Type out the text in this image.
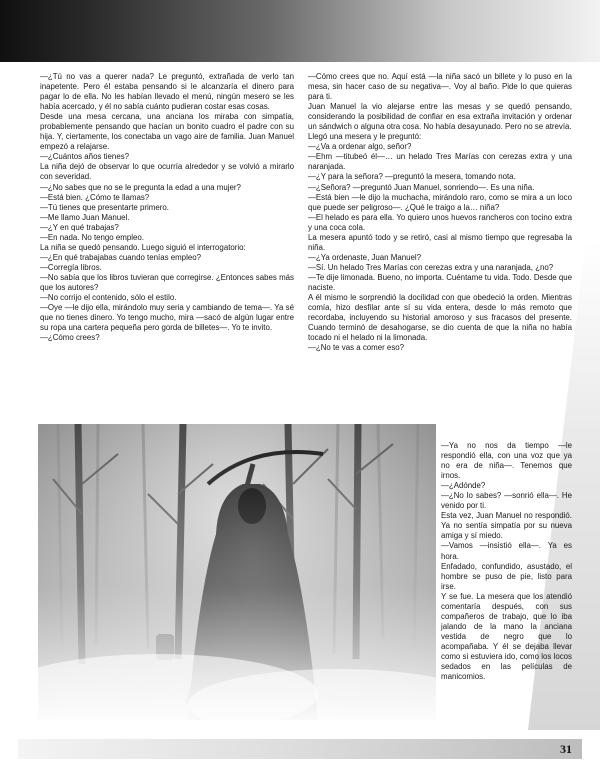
—¿Tú no vas a querer nada? Le preguntó, extrañada de verlo tan inapetente. Pero él estaba pensando si le alcanzaría el dinero para pagar lo de ella. No les habían llevado el menú, ningún mesero se les había acercado, y él no sabía cuánto pudieran costar esas cosas.

Desde una mesa cercana, una anciana los miraba con simpatía, probablemente pensando que hacían un bonito cuadro el padre con su hija. Y, ciertamente, los conectaba un vago aire de familia. Juan Manuel empezó a relajarse.

—¿Cuántos años tienes?

La niña dejó de observar lo que ocurría alrededor y se volvió a mirarlo con severidad.

—¿No sabes que no se le pregunta la edad a una mujer?

—Está bien. ¿Cómo te llamas?

—Tú tienes que presentarte primero.

—Me llamo Juan Manuel.

—¿Y en qué trabajas?

—En nada. No tengo empleo.

La niña se quedó pensando. Luego siguió el interrogatorio:

—¿En qué trabajabas cuando tenías empleo?

—Corregía libros.

—No sabía que los libros tuvieran que corregirse. ¿Entonces sabes más que los autores?

—No corrijo el contenido, sólo el estilo.

—Oye —le dijo ella, mirándolo muy seria y cambiando de tema—. Ya sé que no tienes dinero. Yo tengo mucho, mira —sacó de algún lugar entre su ropa una cartera pequeña pero gorda de billetes—. Yo te invito.

—¿Cómo crees?

—Cómo crees que no. Aquí está —la niña sacó un billete y lo puso en la mesa, sin hacer caso de su negativa—. Voy al baño. Pide lo que quieras para ti.

Juan Manuel la vio alejarse entre las mesas y se quedó pensando, considerando la posibilidad de confiar en esa extraña invitación y ordenar un sándwich o alguna otra cosa. No había desayunado. Pero no se atrevía.

Llegó una mesera y le preguntó:

—¿Va a ordenar algo, señor?

—Ehm —titubeó él—… un helado Tres Marías con cerezas extra y una naranjada.

—¿Y para la señora? —preguntó la mesera, tomando nota.

—¿Señora? —preguntó Juan Manuel, sonriendo—. Es una niña.

—Está bien —le dijo la muchacha, mirándolo raro, como se mira a un loco que puede ser peligroso—. ¿Qué le traigo a la… niña?

—El helado es para ella. Yo quiero unos huevos rancheros con tocino extra y una coca cola.

La mesera apuntó todo y se retiró, casi al mismo tiempo que regresaba la niña.

—¿Ya ordenaste, Juan Manuel?

—Sí. Un helado Tres Marías con cerezas extra y una naranjada, ¿no?

—Te dije limonada. Bueno, no importa. Cuéntame tu vida. Todo. Desde que naciste.

A él mismo le sorprendió la docilidad con que obedeció la orden. Mientras comía, hizo desfilar ante sí su vida entera, desde lo más remoto que recordaba, incluyendo su historial amoroso y sus fracasos del presente. Cuando terminó de desahogarse, se dio cuenta de que la niña no había tocado ni el helado ni la limonada.

—¿No te vas a comer eso?

—Ya no nos da tiempo —le respondió ella, con una voz que ya no era de niña—. Tenemos que irnos.

—¿Adónde?

—¿No lo sabes? —sonrió ella—. He venido por ti.

Esta vez, Juan Manuel no respondió. Ya no sentía simpatía por su nueva amiga y sí miedo.

—Vamos —insistió ella—. Ya es hora.

Enfadado, confundido, asustado, el hombre se puso de pie, listo para irse.

Y se fue. La mesera que los atendió comentaría después, con sus compañeros de trabajo, que lo iba jalando de la mano la anciana vestida de negro que lo acompañaba. Y él se dejaba llevar como si estuviera ido, como los locos sedados en las películas de manicomios.

31
